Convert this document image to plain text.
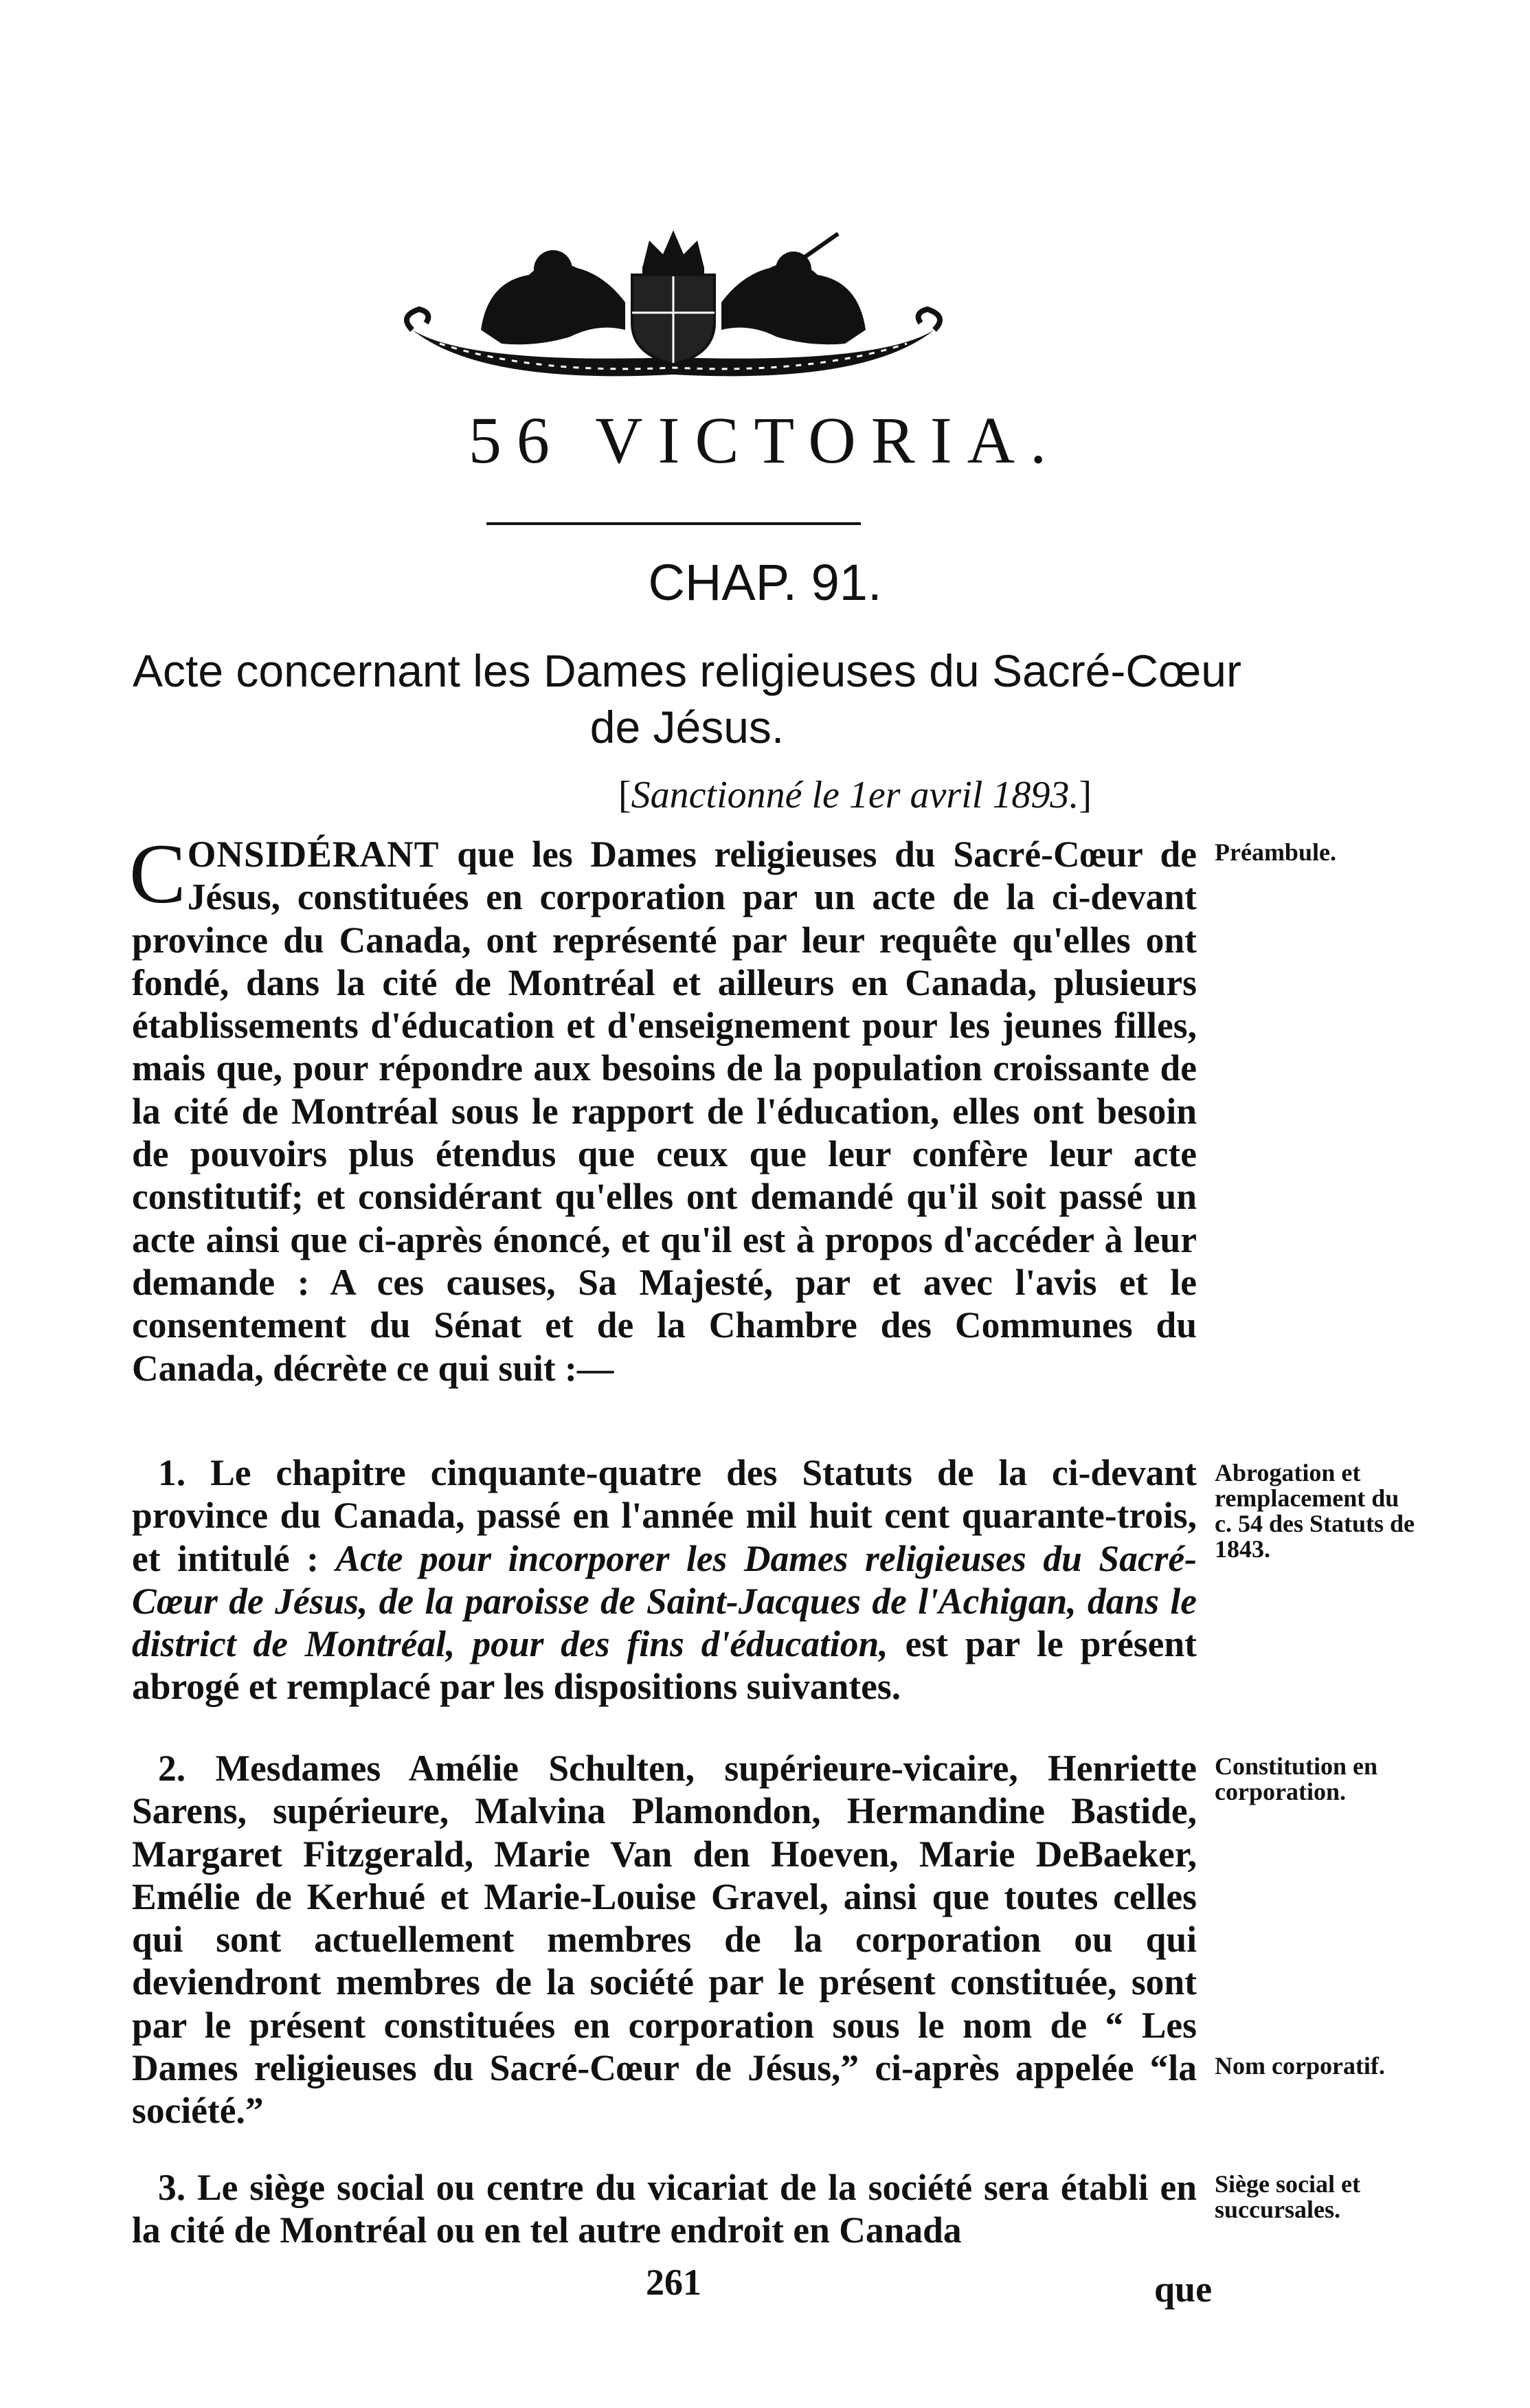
56 VICTORIA.
CHAP. 91.
Acte concernant les Dames religieuses du Sacré-Cœur de Jésus.
[Sanctionné le 1er avril 1893.]

CONSIDÉRANT que les Dames religieuses du Sacré-Cœur de Jésus, constituées en corporation par un acte de la ci-devant province du Canada, ont représenté par leur requête qu'elles ont fondé, dans la cité de Montréal et ailleurs en Canada, plusieurs établissements d'éducation et d'enseignement pour les jeunes filles, mais que, pour répondre aux besoins de la population croissante de la cité de Montréal sous le rapport de l'éducation, elles ont besoin de pouvoirs plus étendus que ceux que leur confère leur acte constitutif; et considérant qu'elles ont demandé qu'il soit passé un acte ainsi que ci-après énoncé, et qu'il est à propos d'accéder à leur demande : A ces causes, Sa Majesté, par et avec l'avis et le consentement du Sénat et de la Chambre des Communes du Canada, décrète ce qui suit :—

Préambule.

1. Le chapitre cinquante-quatre des Statuts de la ci-devant province du Canada, passé en l'année mil huit cent quarante-trois, et intitulé : Acte pour incorporer les Dames religieuses du Sacré-Cœur de Jésus, de la paroisse de Saint-Jacques de l'Achigan, dans le district de Montréal, pour des fins d'éducation, est par le présent abrogé et remplacé par les dispositions suivantes.

Abrogation et remplacement du c. 54 des Statuts de 1843.

2. Mesdames Amélie Schulten, supérieure-vicaire, Henriette Sarens, supérieure, Malvina Plamondon, Hermandine Bastide, Margaret Fitzgerald, Marie Van den Hoeven, Marie DeBaeker, Emélie de Kerhué et Marie-Louise Gravel, ainsi que toutes celles qui sont actuellement membres de la corporation ou qui deviendront membres de la société par le présent constituée, sont par le présent constituées en corporation sous le nom de “ Les Dames religieuses du Sacré-Cœur de Jésus,” ci-après appelée “la société.”

Constitution en corporation.
Nom corporatif.

3. Le siège social ou centre du vicariat de la société sera établi en la cité de Montréal ou en tel autre endroit en Canada

Siège social et succursales.
261	que
